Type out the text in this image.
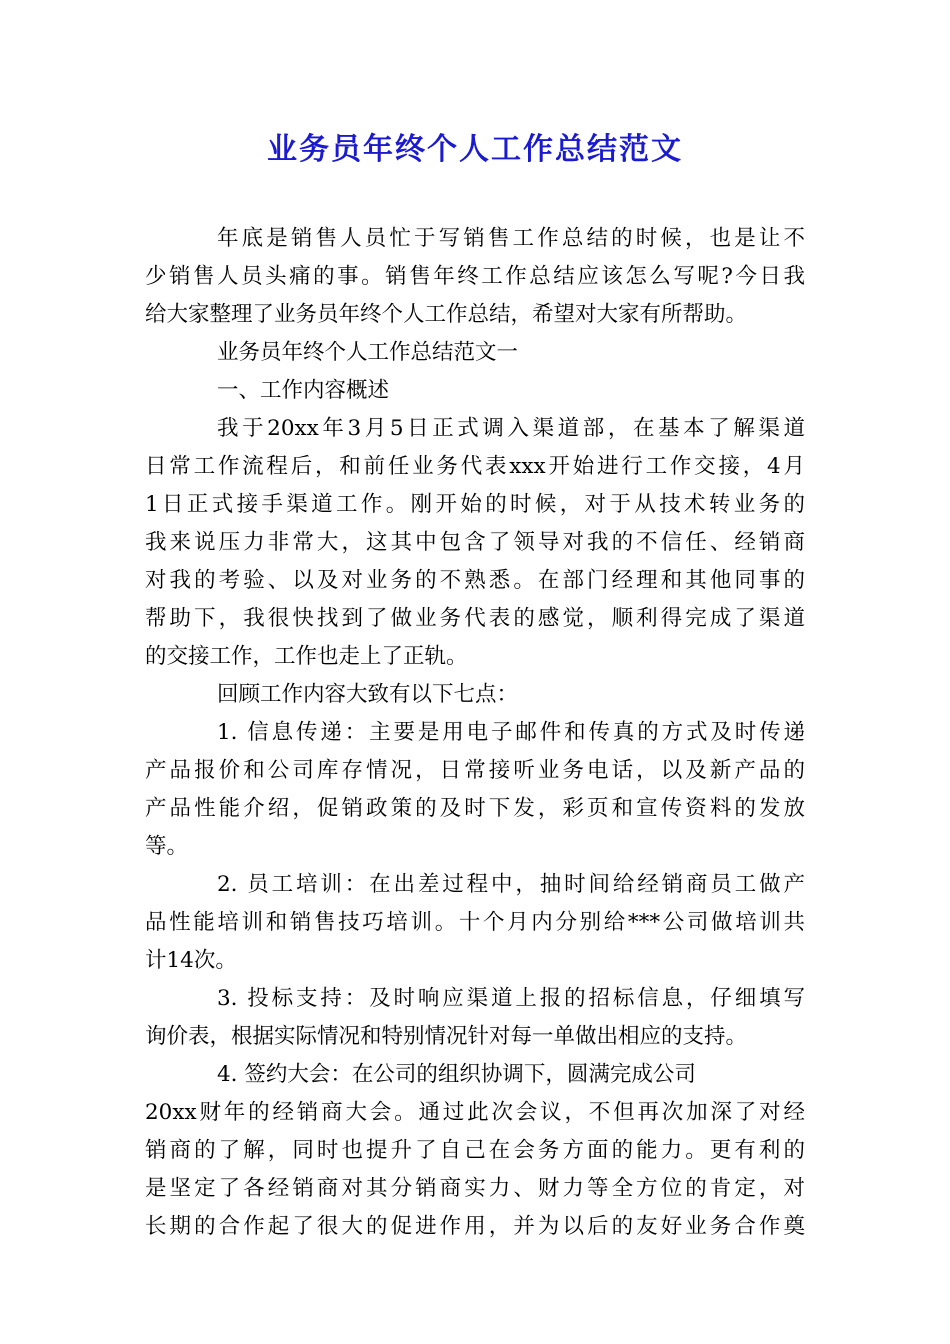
业务员年终个人工作总结范文
年底是销售人员忙于写销售工作总结的时候，也是让不
少销售人员头痛的事。销售年终工作总结应该怎么写呢?今日我
给大家整理了业务员年终个人工作总结，希望对大家有所帮助。
业务员年终个人工作总结范文一
一、工作内容概述
我于20xx年3月5日正式调入渠道部，在基本了解渠道
日常工作流程后，和前任业务代表xxx开始进行工作交接，4月
1日正式接手渠道工作。刚开始的时候，对于从技术转业务的
我来说压力非常大，这其中包含了领导对我的不信任、经销商
对我的考验、以及对业务的不熟悉。在部门经理和其他同事的
帮助下，我很快找到了做业务代表的感觉，顺利得完成了渠道
的交接工作，工作也走上了正轨。
回顾工作内容大致有以下七点：
1. 信息传递：主要是用电子邮件和传真的方式及时传递
产品报价和公司库存情况，日常接听业务电话，以及新产品的
产品性能介绍，促销政策的及时下发，彩页和宣传资料的发放
等。
2. 员工培训：在出差过程中，抽时间给经销商员工做产
品性能培训和销售技巧培训。十个月内分别给***公司做培训共
计14次。
3. 投标支持：及时响应渠道上报的招标信息，仔细填写
询价表，根据实际情况和特别情况针对每一单做出相应的支持。
4. 签约大会：在公司的组织协调下，圆满完成公司
20xx财年的经销商大会。通过此次会议，不但再次加深了对经
销商的了解，同时也提升了自己在会务方面的能力。更有利的
是坚定了各经销商对其分销商实力、财力等全方位的肯定，对
长期的合作起了很大的促进作用，并为以后的友好业务合作奠
